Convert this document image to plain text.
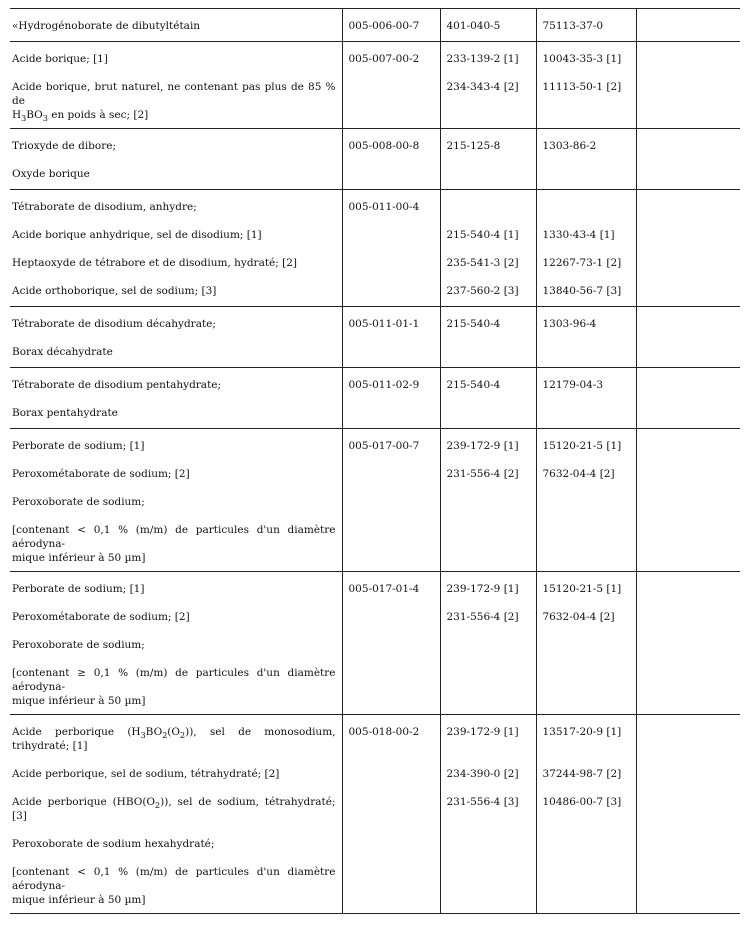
«Hydrogénoborate de dibutyltétain	005-006-00-7	401-040-5	75113-37-0	

Acide borique; [1]	005-007-00-2	233-139-2 [1]	10043-35-3 [1]	

Acide borique, brut naturel, ne contenant pas plus de 85 % de
$H_3BO_3$ en poids à sec; [2]		234-343-4 [2]	11113-50-1 [2]	

Trioxyde de dibore;	005-008-00-8	215-125-8	1303-86-2	

Oxyde borique				

Tétraborate de disodium, anhydre;	005-011-00-4			

Acide borique anhydrique, sel de disodium; [1]		215-540-4 [1]	1330-43-4 [1]	

Heptaoxyde de tétrabore et de disodium, hydraté; [2]		235-541-3 [2]	12267-73-1 [2]	

Acide orthoborique, sel de sodium; [3]		237-560-2 [3]	13840-56-7 [3]	

Tétraborate de disodium décahydrate;	005-011-01-1	215-540-4	1303-96-4	

Borax décahydrate				

Tétraborate de disodium pentahydrate;	005-011-02-9	215-540-4	12179-04-3	

Borax pentahydrate				

Perborate de sodium; [1]	005-017-00-7	239-172-9 [1]	15120-21-5 [1]	

Peroxométaborate de sodium; [2]		231-556-4 [2]	7632-04-4 [2]	

Peroxoborate de sodium;				

[contenant < 0,1 % (m/m) de particules d'un diamètre aérodyna-
mique inférieur à 50 µm]				

Perborate de sodium; [1]	005-017-01-4	239-172-9 [1]	15120-21-5 [1]	

Peroxométaborate de sodium; [2]		231-556-4 [2]	7632-04-4 [2]	

Peroxoborate de sodium;				

[contenant ≥ 0,1 % (m/m) de particules d'un diamètre aérodyna-
mique inférieur à 50 µm]				

Acide perborique $(H_3BO_2(O_2))$, sel de monosodium, trihydraté; [1]	005-018-00-2	239-172-9 [1]	13517-20-9 [1]	

Acide perborique, sel de sodium, tétrahydraté; [2]		234-390-0 [2]	37244-98-7 [2]	

Acide perborique $(HBO(O_2))$, sel de sodium, tétrahydraté; [3]		231-556-4 [3]	10486-00-7 [3]	

Peroxoborate de sodium hexahydraté;				

[contenant < 0,1 % (m/m) de particules d'un diamètre aérodyna-
mique inférieur à 50 µm]				
